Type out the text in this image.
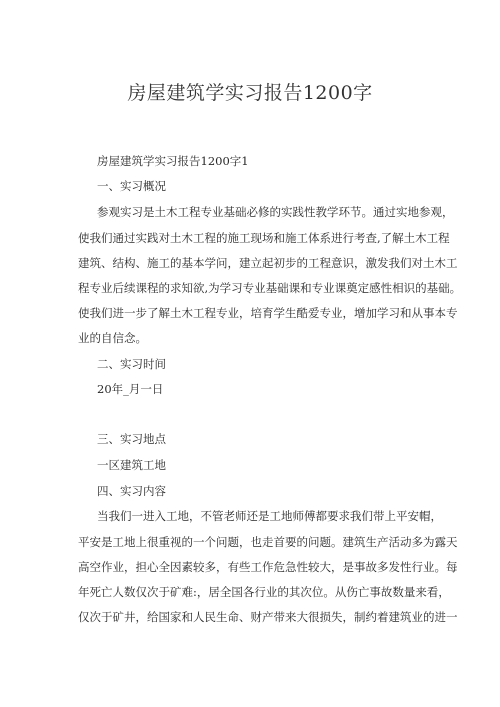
房屋建筑学实习报告1200字
房屋建筑学实习报告1200字1
一、实习概况
参观实习是土木工程专业基础必修的实践性教学环节。通过实地参观，
使我们通过实践对土木工程的施工现场和施工体系进行考查,了解土木工程
建筑、结构、施工的基本学问，建立起初步的工程意识，激发我们对土木工
程专业后续课程的求知欲,为学习专业基础课和专业课奠定感性相识的基础。
使我们进一步了解土木工程专业，培育学生酷爱专业，增加学习和从事本专
业的自信念。
二、实习时间
20年_月一日
三、实习地点
一区建筑工地
四、实习内容
当我们一进入工地，不管老师还是工地师傅都要求我们带上平安帽，
平安是工地上很重视的一个问题，也走首要的问题。建筑生产活动多为露天
高空作业，担心全因素较多，有些工作危急性较大，是事故多发性行业。每
年死亡人数仅次于矿难:，居全国各行业的其次位。从伤亡事故数量来看，
仅次于矿井，给国家和人民生命、财产带来大很损失，制约着建筑业的进一
